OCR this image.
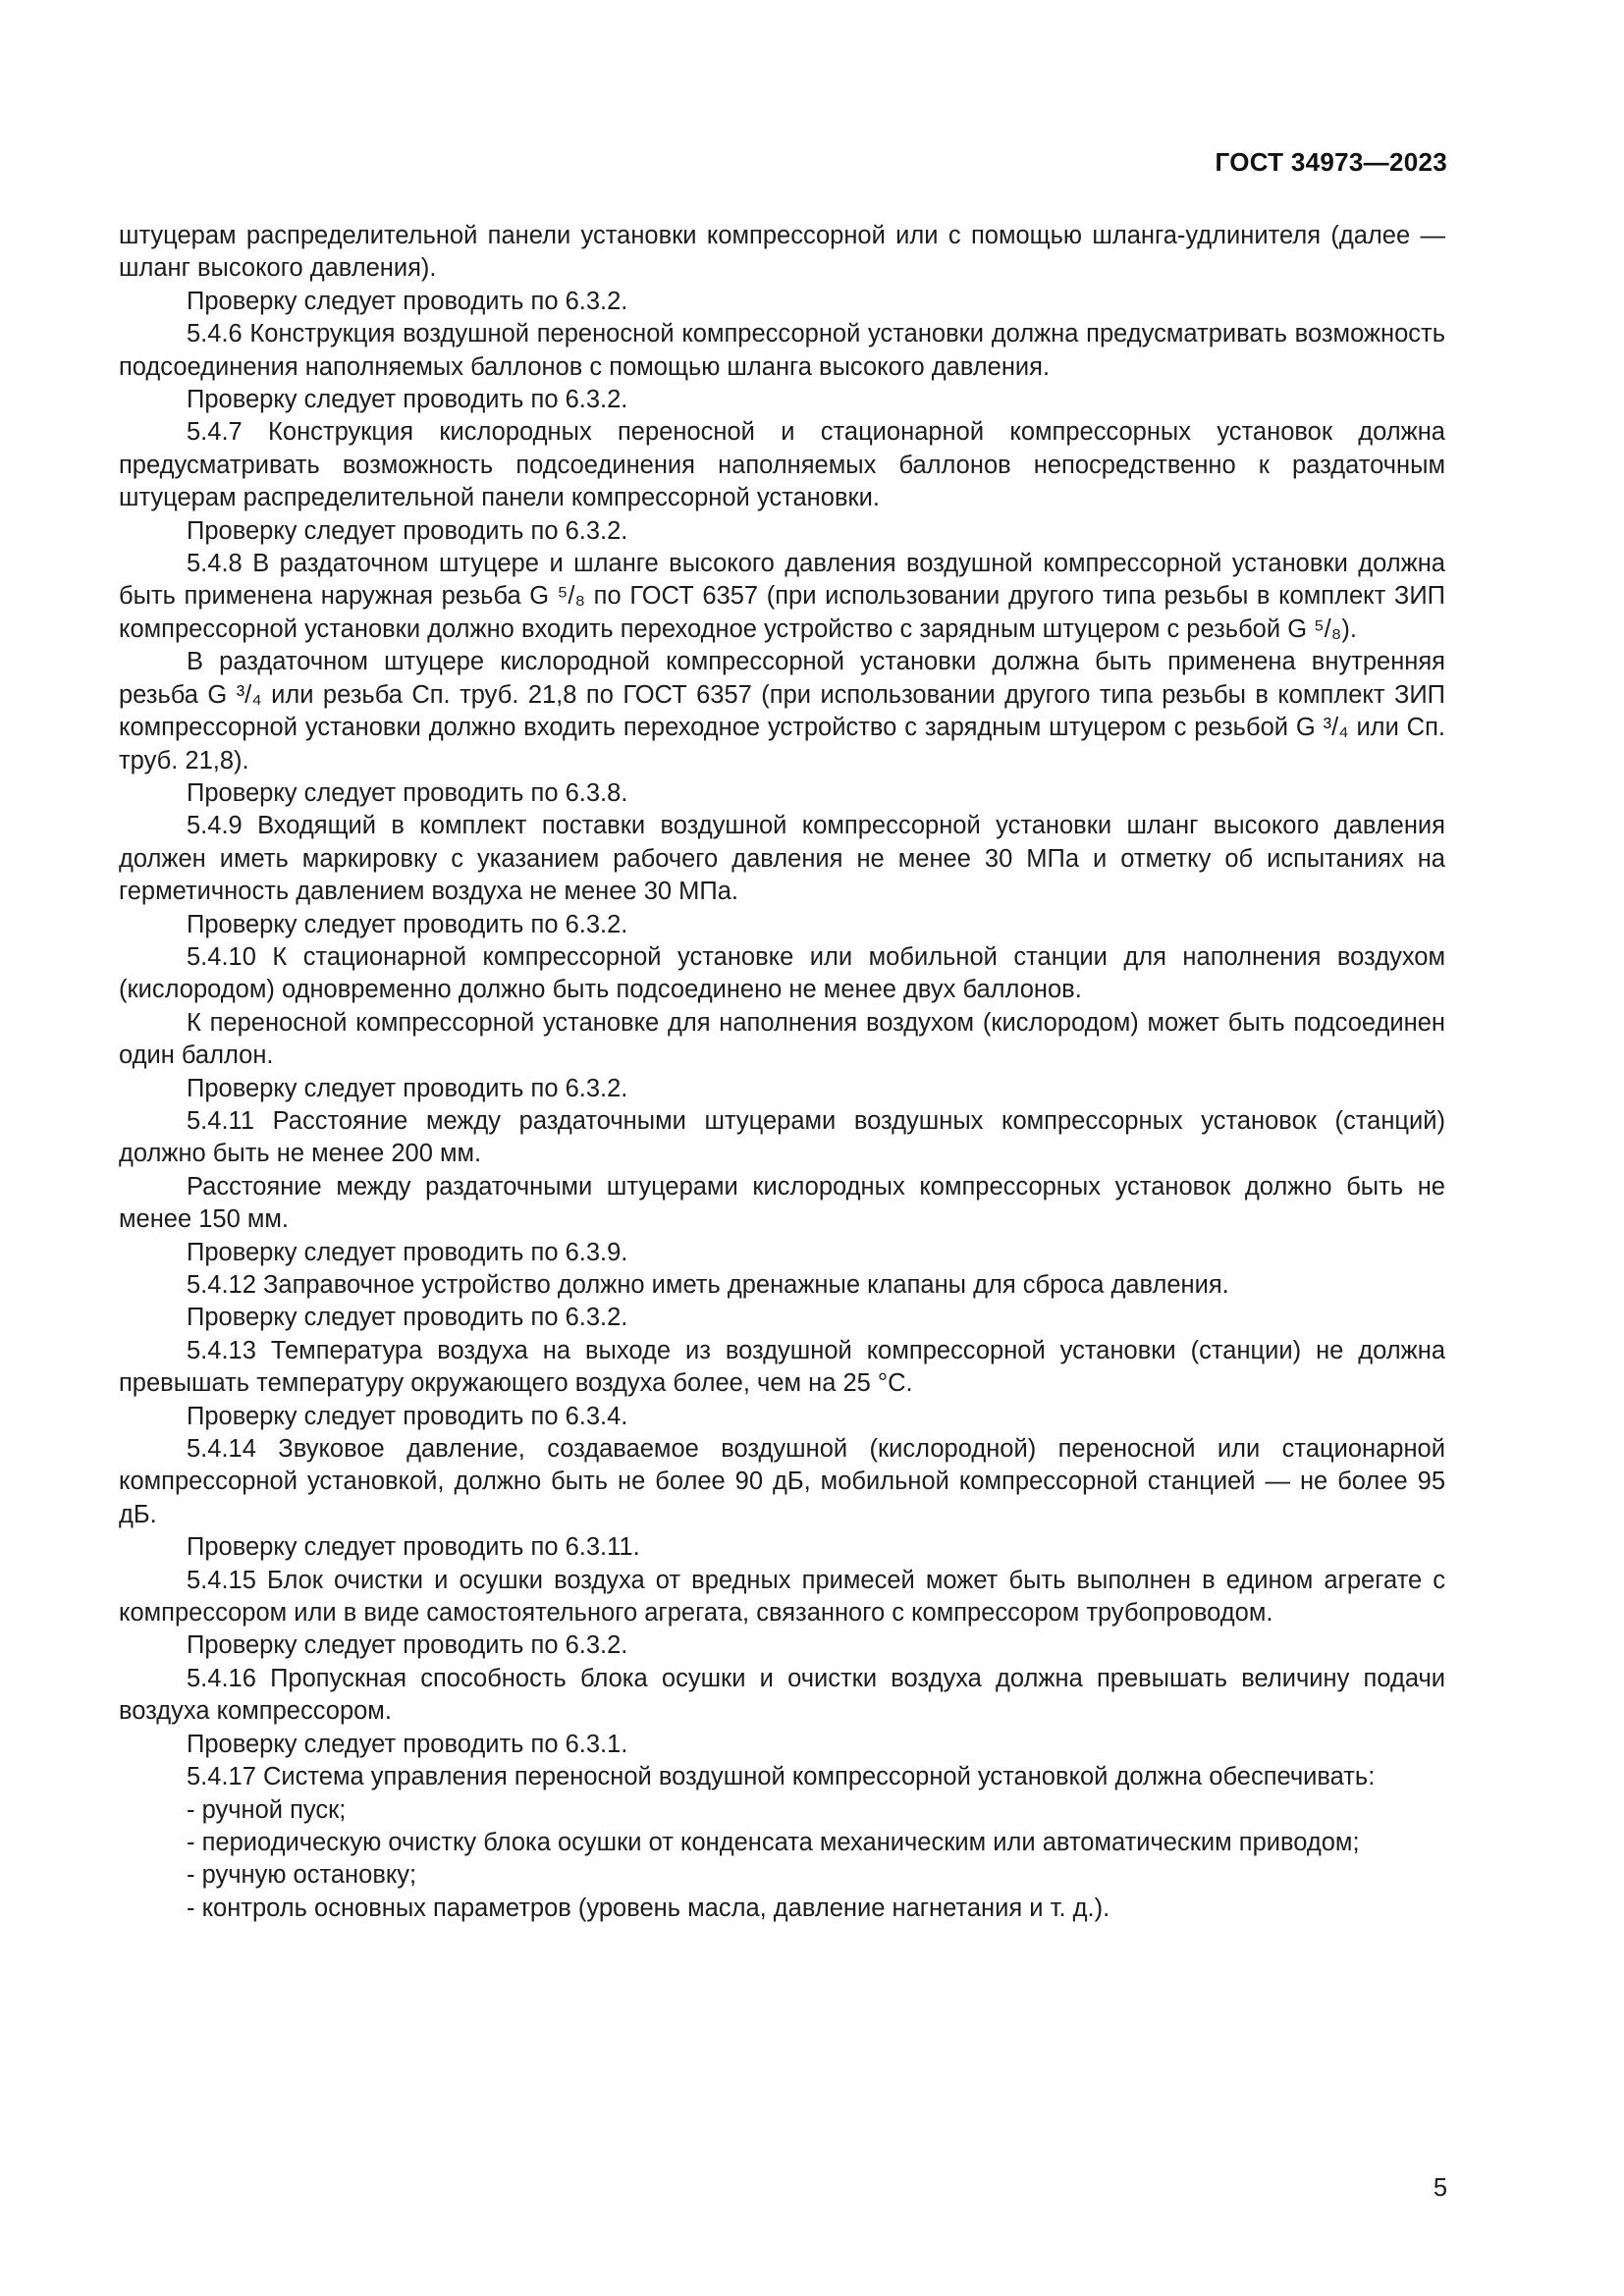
ГОСТ 34973—2023

штуцерам распределительной панели установки компрессорной или с помощью шланга-удлинителя (далее — шланг высокого давления).

Проверку следует проводить по 6.3.2.

5.4.6 Конструкция воздушной переносной компрессорной установки должна предусматривать возможность подсоединения наполняемых баллонов с помощью шланга высокого давления.

Проверку следует проводить по 6.3.2.

5.4.7 Конструкция кислородных переносной и стационарной компрессорных установок должна предусматривать возможность подсоединения наполняемых баллонов непосредственно к раздаточным штуцерам распределительной панели компрессорной установки.

Проверку следует проводить по 6.3.2.

5.4.8 В раздаточном штуцере и шланге высокого давления воздушной компрессорной установки должна быть применена наружная резьба G ⁵/₈ по ГОСТ 6357 (при использовании другого типа резьбы в комплект ЗИП компрессорной установки должно входить переходное устройство с зарядным штуцером с резьбой G ⁵/₈).

В раздаточном штуцере кислородной компрессорной установки должна быть применена внутренняя резьба G ³/₄ или резьба Сп. труб. 21,8 по ГОСТ 6357 (при использовании другого типа резьбы в комплект ЗИП компрессорной установки должно входить переходное устройство с зарядным штуцером с резьбой G ³/₄ или Сп. труб. 21,8).

Проверку следует проводить по 6.3.8.

5.4.9 Входящий в комплект поставки воздушной компрессорной установки шланг высокого давления должен иметь маркировку с указанием рабочего давления не менее 30 МПа и отметку об испытаниях на герметичность давлением воздуха не менее 30 МПа.

Проверку следует проводить по 6.3.2.

5.4.10 К стационарной компрессорной установке или мобильной станции для наполнения воздухом (кислородом) одновременно должно быть подсоединено не менее двух баллонов.

К переносной компрессорной установке для наполнения воздухом (кислородом) может быть подсоединен один баллон.

Проверку следует проводить по 6.3.2.

5.4.11 Расстояние между раздаточными штуцерами воздушных компрессорных установок (станций) должно быть не менее 200 мм.

Расстояние между раздаточными штуцерами кислородных компрессорных установок должно быть не менее 150 мм.

Проверку следует проводить по 6.3.9.

5.4.12 Заправочное устройство должно иметь дренажные клапаны для сброса давления.

Проверку следует проводить по 6.3.2.

5.4.13 Температура воздуха на выходе из воздушной компрессорной установки (станции) не должна превышать температуру окружающего воздуха более, чем на 25 °С.

Проверку следует проводить по 6.3.4.

5.4.14 Звуковое давление, создаваемое воздушной (кислородной) переносной или стационарной компрессорной установкой, должно быть не более 90 дБ, мобильной компрессорной станцией — не более 95 дБ.

Проверку следует проводить по 6.3.11.

5.4.15 Блок очистки и осушки воздуха от вредных примесей может быть выполнен в едином агрегате с компрессором или в виде самостоятельного агрегата, связанного с компрессором трубопроводом.

Проверку следует проводить по 6.3.2.

5.4.16 Пропускная способность блока осушки и очистки воздуха должна превышать величину подачи воздуха компрессором.

Проверку следует проводить по 6.3.1.

5.4.17 Система управления переносной воздушной компрессорной установкой должна обеспечивать:

- ручной пуск;

- периодическую очистку блока осушки от конденсата механическим или автоматическим приводом;

- ручную остановку;

- контроль основных параметров (уровень масла, давление нагнетания и т. д.).

5
